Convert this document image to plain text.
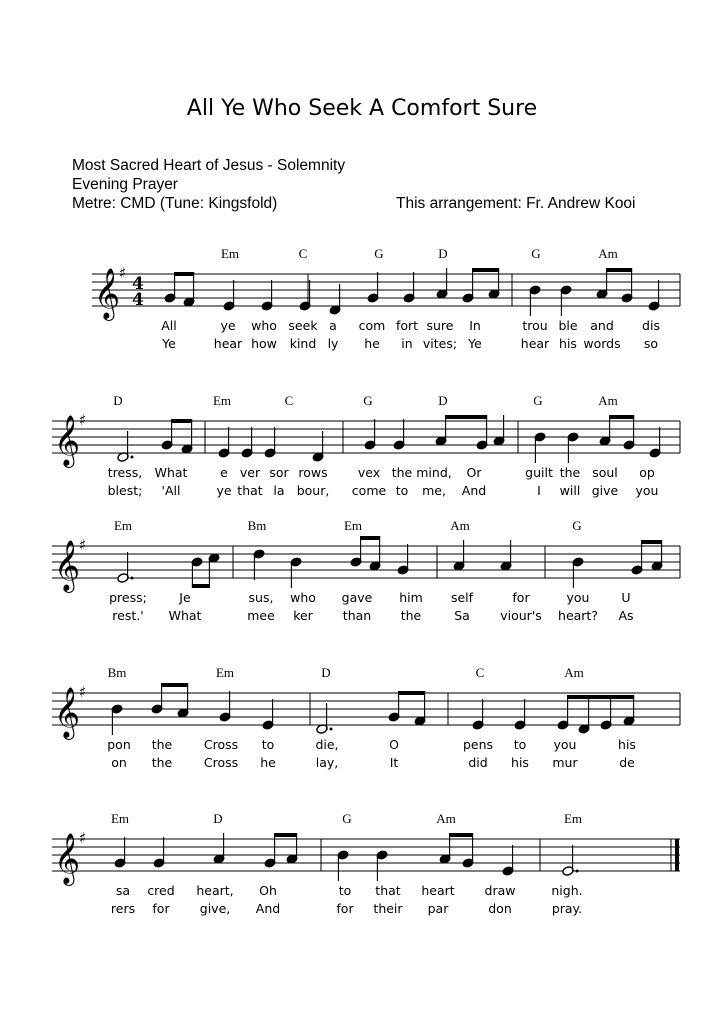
All Ye Who Seek A Comfort Sure
Most Sacred Heart of Jesus - Solemnity
Evening Prayer
Metre: CMD (Tune: Kingsfold)	This arrangement: Fr. Andrew Kooi
𝄞
♯
4
4
Em	C	G	D	G	Am
All	ye who seek a com fort sure In	trou ble and dis
Ye	hear how kind ly he in vites; Ye	hear his words so
𝄞
♯
D	Em	C	G	D	G	Am
tress, What	e ver sor rows vex the mind, Or	guilt the soul op
blest; 'All	ye that la bour, come to me, And	I will give you
𝄞
♯
Em	Bm	Em	Am	G
press;	Je	sus, who gave him self	for	you	U
rest.' What	mee ker than the	Sa viour's heart? As
𝄞
♯
Bm	Em	D	C	Am
pon the	Cross to	die,	O	pens to you	his
on the	Cross he	lay,	It	did his mur	de
𝄞
♯
Em	D	G	Am	Em
sa cred heart, Oh	to that heart draw	nigh.
rers for give, And	for their par	don	pray.
